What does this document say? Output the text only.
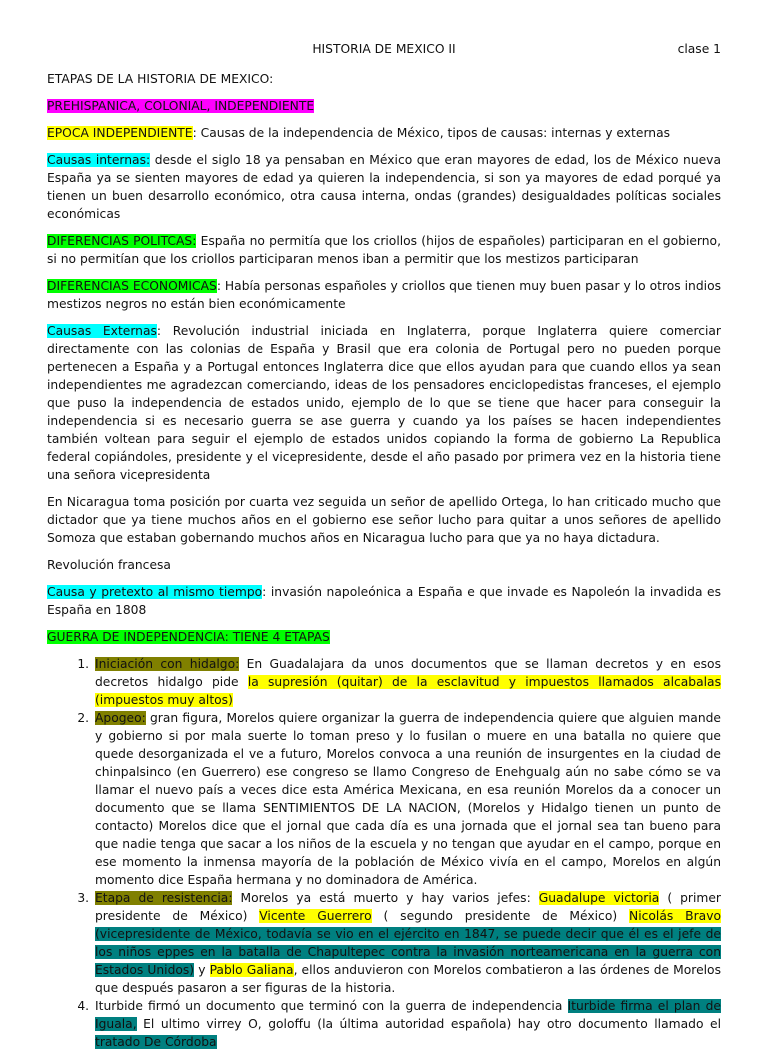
HISTORIA DE MEXICO II	clase 1

ETAPAS DE LA HISTORIA DE MEXICO:

PREHISPANICA, COLONIAL, INDEPENDIENTE

EPOCA INDEPENDIENTE: Causas de la independencia de México, tipos de causas: internas y externas

Causas internas: desde el siglo 18 ya pensaban en México que eran mayores de edad, los de México nueva España ya se sienten mayores de edad ya quieren la independencia, si son ya mayores de edad porqué ya tienen un buen desarrollo económico, otra causa interna, ondas (grandes) desigualdades políticas sociales económicas

DIFERENCIAS POLITCAS: España no permitía que los criollos (hijos de españoles) participaran en el gobierno, si no permitían que los criollos participaran menos iban a permitir que los mestizos participaran

DIFERENCIAS ECONOMICAS: Había personas españoles y criollos que tienen muy buen pasar y lo otros indios mestizos negros no están bien económicamente

Causas Externas: Revolución industrial iniciada en Inglaterra, porque Inglaterra quiere comerciar directamente con las colonias de España y Brasil que era colonia de Portugal pero no pueden porque pertenecen a España y a Portugal entonces Inglaterra dice que ellos ayudan para que cuando ellos ya sean independientes me agradezcan comerciando, ideas de los pensadores enciclopedistas franceses, el ejemplo que puso la independencia de estados unido, ejemplo de lo que se tiene que hacer para conseguir la independencia si es necesario guerra se ase guerra y cuando ya los países se hacen independientes también voltean para seguir el ejemplo de estados unidos copiando la forma de gobierno La Republica federal copiándoles, presidente y el vicepresidente, desde el año pasado por primera vez en la historia tiene una señora vicepresidenta

En Nicaragua toma posición por cuarta vez seguida un señor de apellido Ortega, lo han criticado mucho que dictador que ya tiene muchos años en el gobierno ese señor lucho para quitar a unos señores de apellido Somoza que estaban gobernando muchos años en Nicaragua lucho para que ya no haya dictadura.

Revolución francesa

Causa y pretexto al mismo tiempo: invasión napoleónica a España e que invade es Napoleón la invadida es España en 1808

GUERRA DE INDEPENDENCIA: TIENE 4 ETAPAS

1. Iniciación con hidalgo: En Guadalajara da unos documentos que se llaman decretos y en esos decretos hidalgo pide la supresión (quitar) de la esclavitud y impuestos llamados alcabalas (impuestos muy altos)
2. Apogeo: gran figura, Morelos quiere organizar la guerra de independencia quiere que alguien mande y gobierno si por mala suerte lo toman preso y lo fusilan o muere en una batalla no quiere que quede desorganizada el ve a futuro, Morelos convoca a una reunión de insurgentes en la ciudad de chinpalsinco (en Guerrero) ese congreso se llamo Congreso de Enehgualg aún no sabe cómo se va llamar el nuevo país a veces dice esta América Mexicana, en esa reunión Morelos da a conocer un documento que se llama SENTIMIENTOS DE LA NACION, (Morelos y Hidalgo tienen un punto de contacto) Morelos dice que el jornal que cada día es una jornada que el jornal sea tan bueno para que nadie tenga que sacar a los niños de la escuela y no tengan que ayudar en el campo, porque en ese momento la inmensa mayoría de la población de México vivía en el campo, Morelos en algún momento dice España hermana y no dominadora de América.
3. Etapa de resistencia: Morelos ya está muerto y hay varios jefes: Guadalupe victoria ( primer presidente de México) Vicente Guerrero ( segundo presidente de México) Nicolás Bravo (vicepresidente de México, todavía se vio en el ejército en 1847, se puede decir que él es el jefe de los niños eppes en la batalla de Chapultepec contra la invasión norteamericana en la guerra con Estados Unidos) y Pablo Galiana, ellos anduvieron con Morelos combatieron a las órdenes de Morelos que después pasaron a ser figuras de la historia.
4. Iturbide firmó un documento que terminó con la guerra de independencia Iturbide firma el plan de Iguala, El ultimo virrey O, goloffu (la última autoridad española) hay otro documento llamado el tratado De Córdoba
